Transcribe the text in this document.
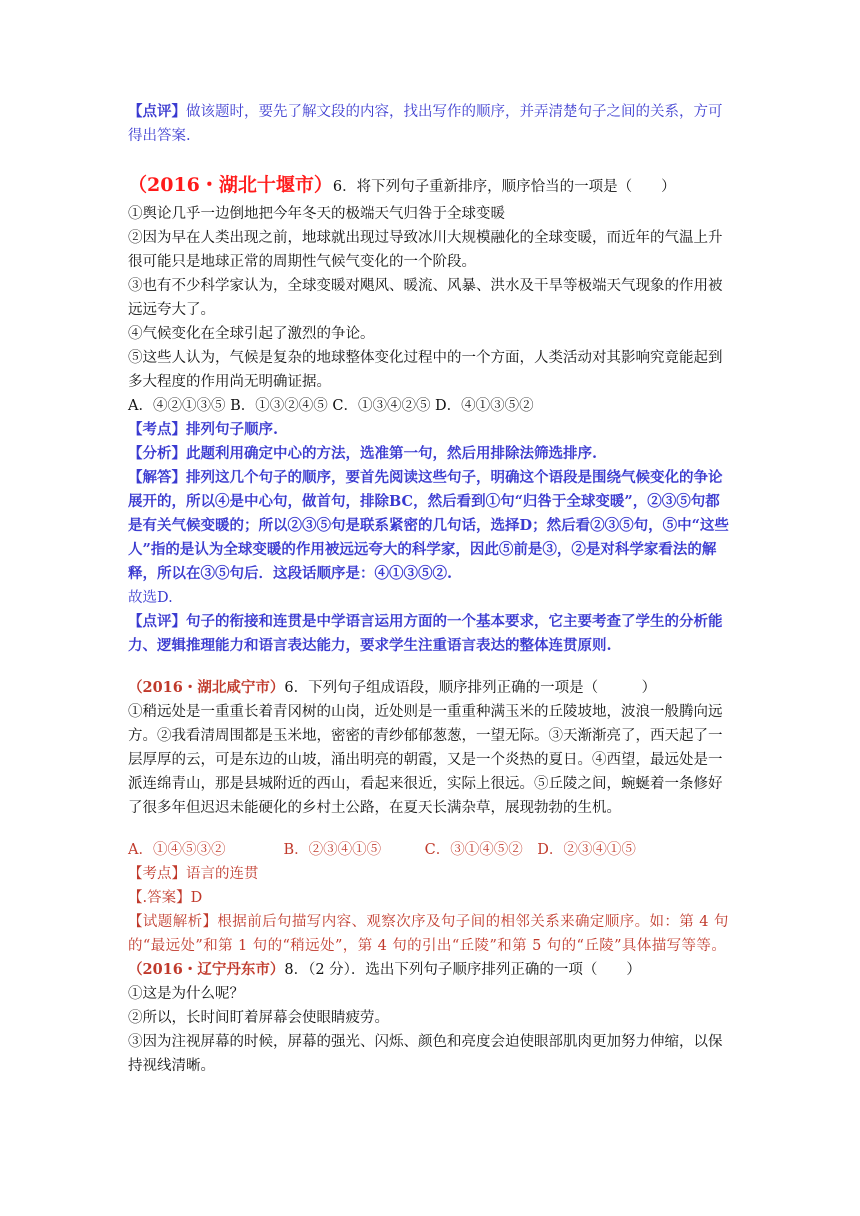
【点评】做该题时，要先了解文段的内容，找出写作的顺序，并弄清楚句子之间的关系，方可得出答案.

（2016・湖北十堰市）6．将下列句子重新排序，顺序恰当的一项是（　　）

①舆论几乎一边倒地把今年冬天的极端天气归咎于全球变暖

②因为早在人类出现之前，地球就出现过导致冰川大规模融化的全球变暖，而近年的气温上升很可能只是地球正常的周期性气候气变化的一个阶段。

③也有不少科学家认为，全球变暖对飓风、暖流、风暴、洪水及干旱等极端天气现象的作用被远远夸大了。

④气候变化在全球引起了激烈的争论。

⑤这些人认为，气候是复杂的地球整体变化过程中的一个方面，人类活动对其影响究竟能起到多大程度的作用尚无明确证据。

A．④②①③⑤ B．①③②④⑤ C．①③④②⑤ D．④①③⑤②

【考点】排列句子顺序.

【分析】此题利用确定中心的方法，选准第一句，然后用排除法筛选排序.

【解答】排列这几个句子的顺序，要首先阅读这些句子，明确这个语段是围绕气候变化的争论展开的，所以④是中心句，做首句，排除BC，然后看到①句“归咎于全球变暖”，②③⑤句都是有关气候变暖的；所以②③⑤句是联系紧密的几句话，选择D；然后看②③⑤句，⑤中“这些人”指的是认为全球变暖的作用被远远夸大的科学家，因此⑤前是③，②是对科学家看法的解释，所以在③⑤句后．这段话顺序是：④①③⑤②.

故选D.

【点评】句子的衔接和连贯是中学语言运用方面的一个基本要求，它主要考查了学生的分析能力、逻辑推理能力和语言表达能力，要求学生注重语言表达的整体连贯原则.

（2016・湖北咸宁市）6．下列句子组成语段，顺序排列正确的一项是（　　　）

①稍远处是一重重长着青冈树的山岗，近处则是一重重种满玉米的丘陵坡地，波浪一般腾向远方。②我看清周围都是玉米地，密密的青纱郁郁葱葱，一望无际。③天渐渐亮了，西天起了一层厚厚的云，可是东边的山坡，涌出明亮的朝霞，又是一个炎热的夏日。④西望，最远处是一派连绵青山，那是县城附近的西山，看起来很近，实际上很远。⑤丘陵之间，蜿蜒着一条修好了很多年但迟迟未能硬化的乡村土公路，在夏天长满杂草，展现勃勃的生机。

A．①④⑤③②　　　　B．②③④①⑤　　　C．③①④⑤②　D．②③④①⑤

【考点】语言的连贯

【.答案】D

【试题解析】根据前后句描写内容、观察次序及句子间的相邻关系来确定顺序。如：第 4 句的“最远处”和第 1 句的“稍远处”，第 4 句的引出“丘陵”和第 5 句的“丘陵”具体描写等等。

（2016・辽宁丹东市）8．（2 分）．选出下列句子顺序排列正确的一项（　　）

①这是为什么呢？

②所以，长时间盯着屏幕会使眼睛疲劳。

③因为注视屏幕的时候，屏幕的强光、闪烁、颜色和亮度会迫使眼部肌肉更加努力伸缩，以保持视线清晰。
